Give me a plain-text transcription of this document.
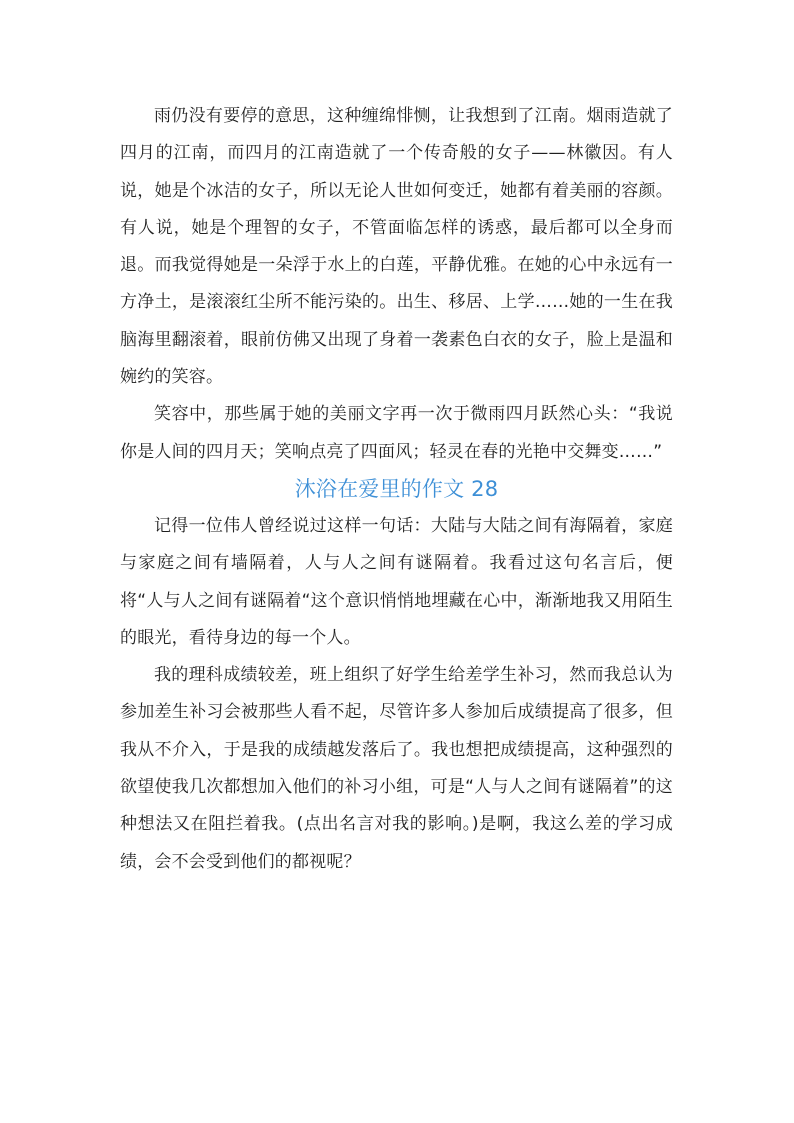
雨仍没有要停的意思，这种缠绵悱恻，让我想到了江南。烟雨造就了四月的江南，而四月的江南造就了一个传奇般的女子——林徽因。有人说，她是个冰洁的女子，所以无论人世如何变迁，她都有着美丽的容颜。有人说，她是个理智的女子，不管面临怎样的诱惑，最后都可以全身而退。而我觉得她是一朵浮于水上的白莲，平静优雅。在她的心中永远有一方净土，是滚滚红尘所不能污染的。出生、移居、上学……她的一生在我脑海里翻滚着，眼前仿佛又出现了身着一袭素色白衣的女子，脸上是温和婉约的笑容。

笑容中，那些属于她的美丽文字再一次于微雨四月跃然心头：“我说你是人间的四月天；笑响点亮了四面风；轻灵在春的光艳中交舞变……”

沐浴在爱里的作文 28

记得一位伟人曾经说过这样一句话：大陆与大陆之间有海隔着，家庭与家庭之间有墙隔着，人与人之间有谜隔着。我看过这句名言后，便将“人与人之间有谜隔着“这个意识悄悄地埋藏在心中，渐渐地我又用陌生的眼光，看待身边的每一个人。

我的理科成绩较差，班上组织了好学生给差学生补习，然而我总认为参加差生补习会被那些人看不起，尽管许多人参加后成绩提高了很多，但我从不介入，于是我的成绩越发落后了。我也想把成绩提高，这种强烈的欲望使我几次都想加入他们的补习小组，可是“人与人之间有谜隔着”的这种想法又在阻拦着我。(点出名言对我的影响。)是啊，我这么差的学习成绩，会不会受到他们的都视呢？
